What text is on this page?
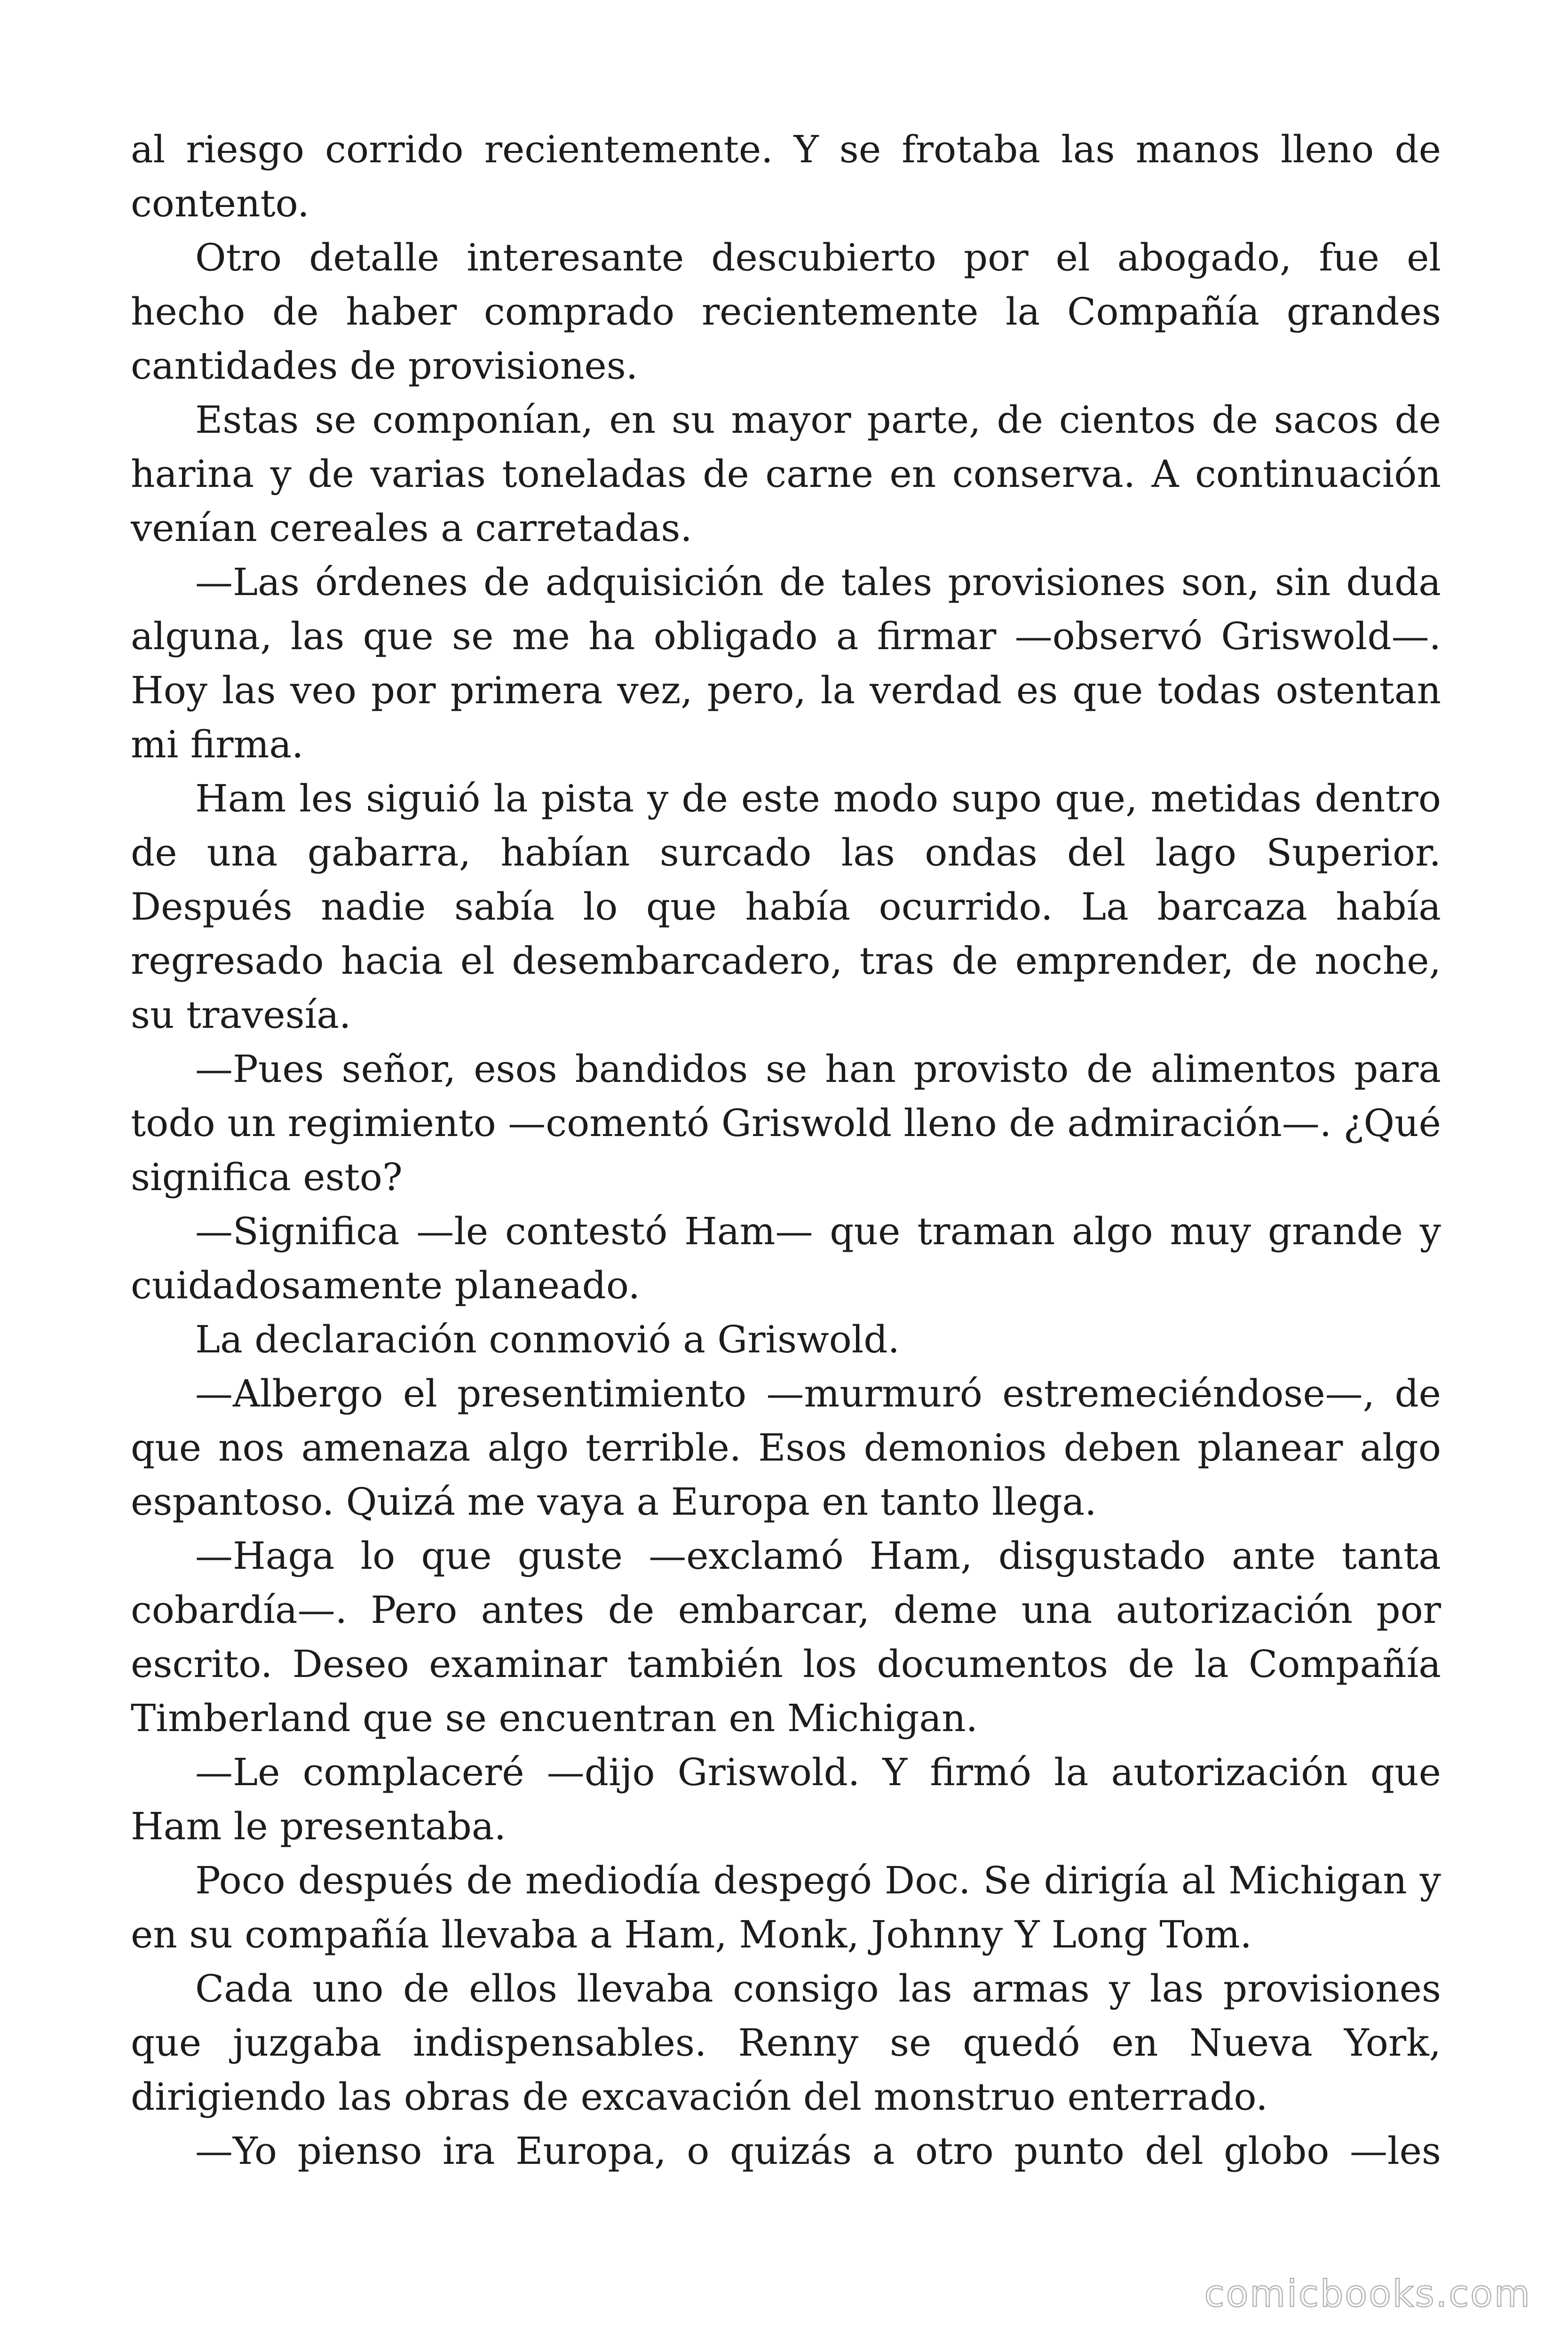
al riesgo corrido recientemente. Y se frotaba las manos lleno de contento.

Otro detalle interesante descubierto por el abogado, fue el hecho de haber comprado recientemente la Compañía grandes cantidades de provisiones.

Estas se componían, en su mayor parte, de cientos de sacos de harina y de varias toneladas de carne en conserva. A continuación venían cereales a carretadas.

—Las órdenes de adquisición de tales provisiones son, sin duda alguna, las que se me ha obligado a firmar —observó Griswold—. Hoy las veo por primera vez, pero, la verdad es que todas ostentan mi firma.

Ham les siguió la pista y de este modo supo que, metidas dentro de una gabarra, habían surcado las ondas del lago Superior. Después nadie sabía lo que había ocurrido. La barcaza había regresado hacia el desembarcadero, tras de emprender, de noche, su travesía.

—Pues señor, esos bandidos se han provisto de alimentos para todo un regimiento —comentó Griswold lleno de admiración—. ¿Qué significa esto?

—Significa —le contestó Ham— que traman algo muy grande y cuidadosamente planeado.

La declaración conmovió a Griswold.

—Albergo el presentimiento —murmuró estremeciéndose—, de que nos amenaza algo terrible. Esos demonios deben planear algo espantoso. Quizá me vaya a Europa en tanto llega.

—Haga lo que guste —exclamó Ham, disgustado ante tanta cobardía—. Pero antes de embarcar, deme una autorización por escrito. Deseo examinar también los documentos de la Compañía Timberland que se encuentran en Michigan.

—Le complaceré —dijo Griswold. Y firmó la autorización que Ham le presentaba.

Poco después de mediodía despegó Doc. Se dirigía al Michigan y en su compañía llevaba a Ham, Monk, Johnny Y Long Tom.

Cada uno de ellos llevaba consigo las armas y las provisiones que juzgaba indispensables. Renny se quedó en Nueva York, dirigiendo las obras de excavación del monstruo enterrado.

—Yo pienso ira Europa, o quizás a otro punto del globo —les

comicbooks.com
